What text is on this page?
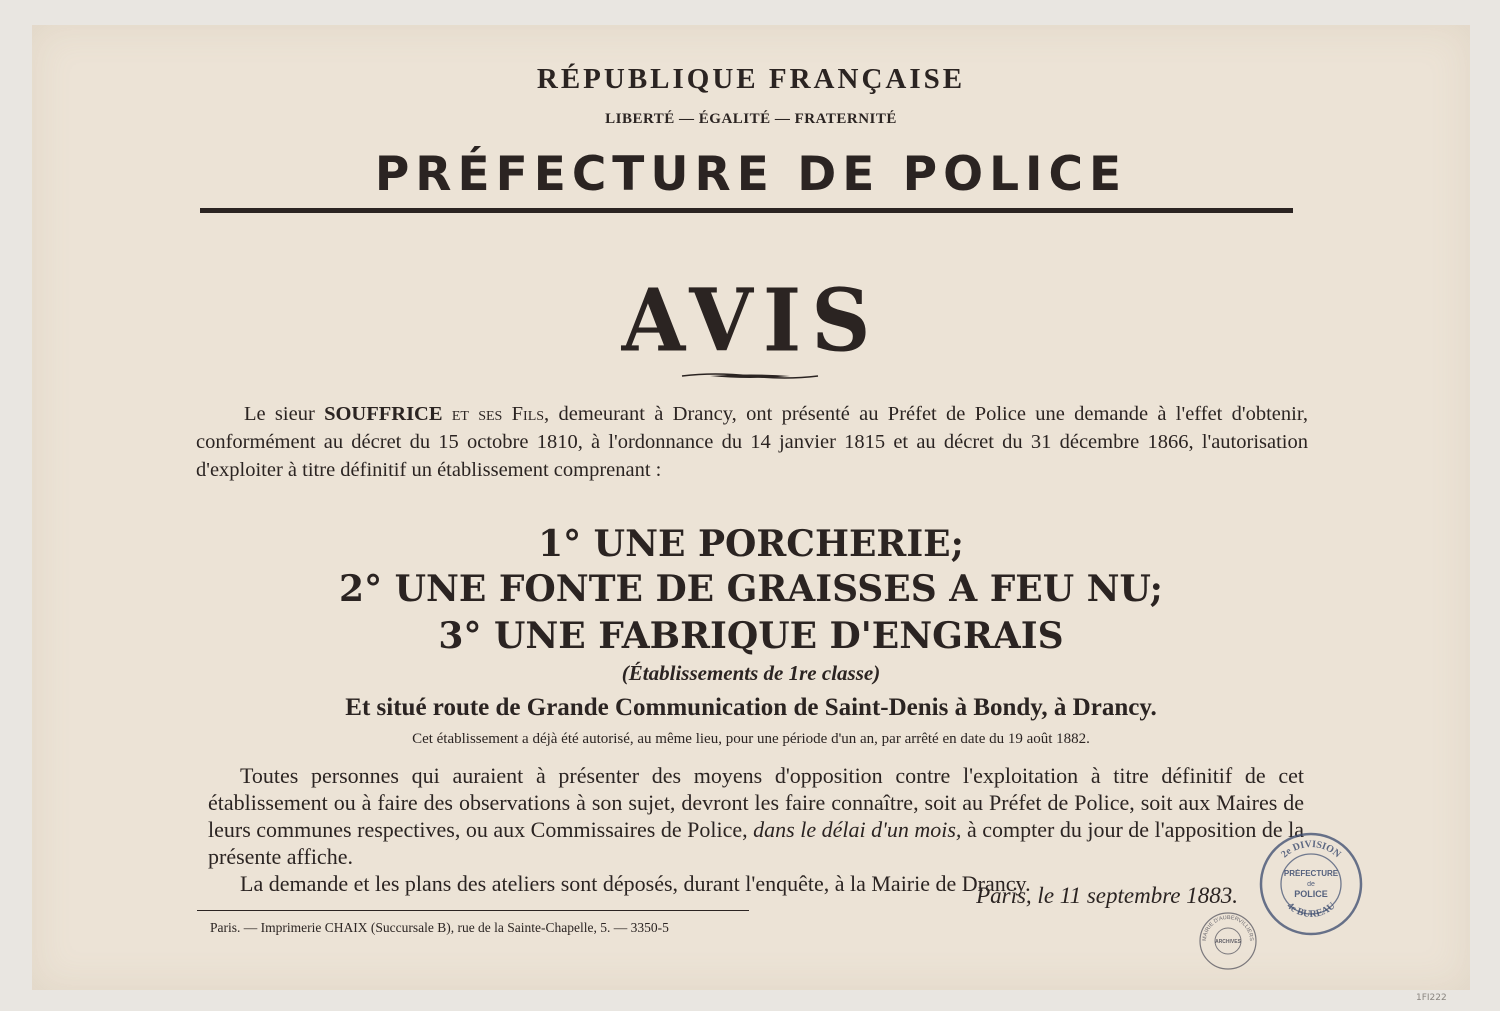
RÉPUBLIQUE FRANÇAISE
LIBERTÉ — ÉGALITÉ — FRATERNITÉ
PRÉFECTURE DE POLICE
AVIS
Le sieur SOUFFRICE et ses Fils, demeurant à Drancy, ont présenté au Préfet de Police une demande à l'effet d'obtenir, conformément au décret du 15 octobre 1810, à l'ordonnance du 14 janvier 1815 et au décret du 31 décembre 1866, l'autorisation d'exploiter à titre définitif un établissement comprenant :
1° UNE PORCHERIE;
2° UNE FONTE DE GRAISSES A FEU NU;
3° UNE FABRIQUE D'ENGRAIS
(Établissements de 1re classe)
Et situé route de Grande Communication de Saint-Denis à Bondy, à Drancy.
Cet établissement a déjà été autorisé, au même lieu, pour une période d'un an, par arrêté en date du 19 août 1882.
Toutes personnes qui auraient à présenter des moyens d'opposition contre l'exploitation à titre définitif de cet établissement ou à faire des observations à son sujet, devront les faire connaître, soit au Préfet de Police, soit aux Maires de leurs communes respectives, ou aux Commissaires de Police, dans le délai d'un mois, à compter du jour de l'apposition de la présente affiche.
La demande et les plans des ateliers sont déposés, durant l'enquête, à la Mairie de Drancy.
Paris, le 11 septembre 1883.
Paris. — Imprimerie CHAIX (Succursale B), rue de la Sainte-Chapelle, 5. — 3350-5
2e DIVISION
4e BUREAU
PRÉFECTURE
de
POLICE
MAIRIE D'AUBERVILLIERS
ARCHIVES
1FI222
